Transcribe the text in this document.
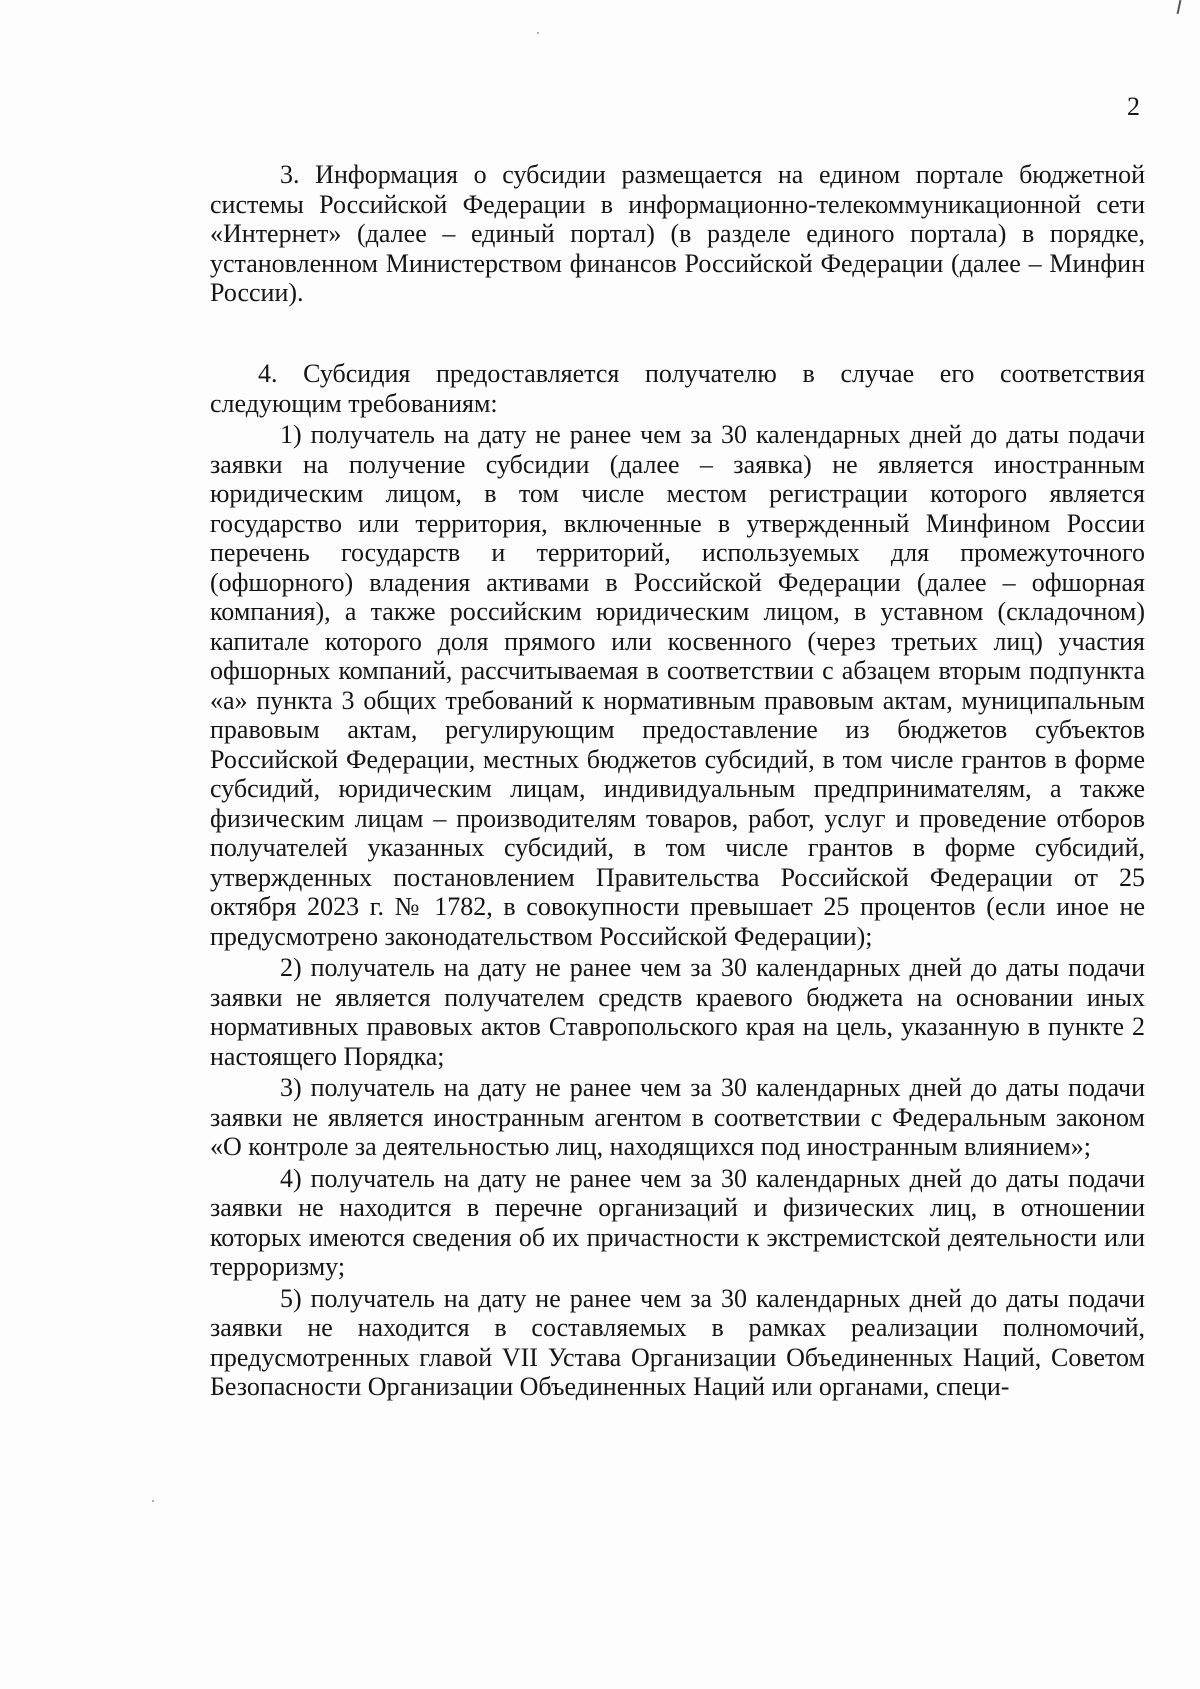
2

3. Информация о субсидии размещается на едином портале бюджетной системы Российской Федерации в информационно-телекоммуникационной сети «Интернет» (далее – единый портал) (в разделе единого портала) в порядке, установленном Министерством финансов Российской Федерации (далее – Минфин России).

4. Субсидия предоставляется получателю в случае его соответствия следующим требованиям:

1) получатель на дату не ранее чем за 30 календарных дней до даты подачи заявки на получение субсидии (далее – заявка) не является иностранным юридическим лицом, в том числе местом регистрации которого является государство или территория, включенные в утвержденный Минфином России перечень государств и территорий, используемых для промежуточного (офшорного) владения активами в Российской Федерации (далее – офшорная компания), а также российским юридическим лицом, в уставном (складочном) капитале которого доля прямого или косвенного (через третьих лиц) участия офшорных компаний, рассчитываемая в соответствии с абзацем вторым подпункта «а» пункта 3 общих требований к нормативным правовым актам, муниципальным правовым актам, регулирующим предоставление из бюджетов субъектов Российской Федерации, местных бюджетов субсидий, в том числе грантов в форме субсидий, юридическим лицам, индивидуальным предпринимателям, а также физическим лицам – производителям товаров, работ, услуг и проведение отборов получателей указанных субсидий, в том числе грантов в форме субсидий, утвержденных постановлением Правительства Российской Федерации от 25 октября 2023 г. № 1782, в совокупности превышает 25 процентов (если иное не предусмотрено законодательством Российской Федерации);

2) получатель на дату не ранее чем за 30 календарных дней до даты подачи заявки не является получателем средств краевого бюджета на основании иных нормативных правовых актов Ставропольского края на цель, указанную в пункте 2 настоящего Порядка;

3) получатель на дату не ранее чем за 30 календарных дней до даты подачи заявки не является иностранным агентом в соответствии с Федеральным законом «О контроле за деятельностью лиц, находящихся под иностранным влиянием»;

4) получатель на дату не ранее чем за 30 календарных дней до даты подачи заявки не находится в перечне организаций и физических лиц, в отношении которых имеются сведения об их причастности к экстремистской деятельности или терроризму;

5) получатель на дату не ранее чем за 30 календарных дней до даты подачи заявки не находится в составляемых в рамках реализации полномочий, предусмотренных главой VII Устава Организации Объединенных Наций, Советом Безопасности Организации Объединенных Наций или органами, специ-
